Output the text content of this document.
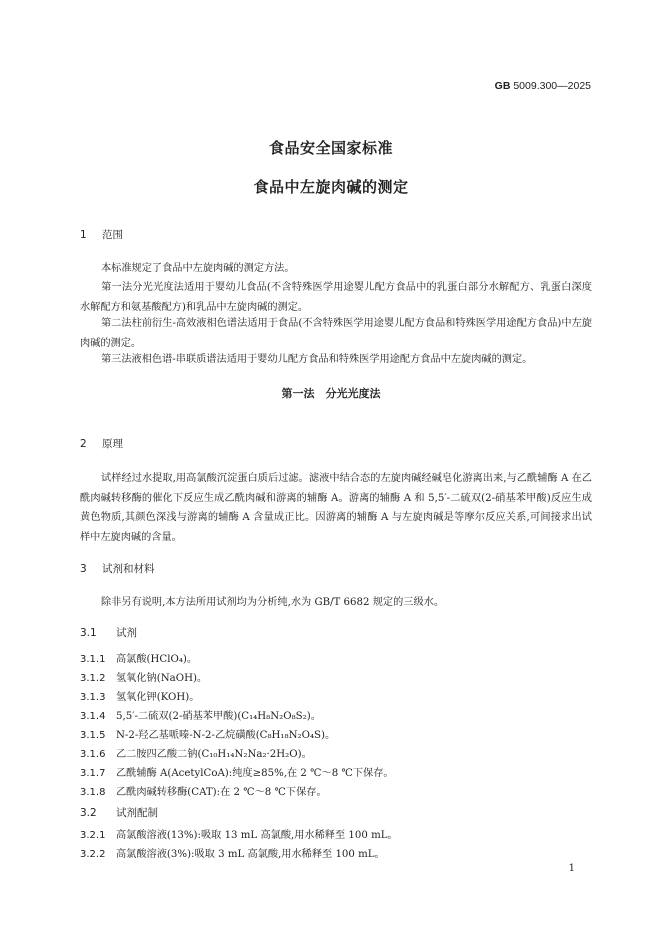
GB 5009.300—2025
食品安全国家标准
食品中左旋肉碱的测定
1 范围
本标准规定了食品中左旋肉碱的测定方法。
第一法分光光度法适用于婴幼儿食品(不含特殊医学用途婴儿配方食品中的乳蛋白部分水解配方、乳蛋白深度水解配方和氨基酸配方)和乳品中左旋肉碱的测定。
第二法柱前衍生-高效液相色谱法适用于食品(不含特殊医学用途婴儿配方食品和特殊医学用途配方食品)中左旋肉碱的测定。
第三法液相色谱-串联质谱法适用于婴幼儿配方食品和特殊医学用途配方食品中左旋肉碱的测定。
第一法　分光光度法
2 原理
试样经过水提取,用高氯酸沉淀蛋白质后过滤。滤液中结合态的左旋肉碱经碱皂化游离出来,与乙酰辅酶 A 在乙酰肉碱转移酶的催化下反应生成乙酰肉碱和游离的辅酶 A。游离的辅酶 A 和 5,5′-二硫双(2-硝基苯甲酸)反应生成黄色物质,其颜色深浅与游离的辅酶 A 含量成正比。因游离的辅酶 A 与左旋肉碱是等摩尔反应关系,可间接求出试样中左旋肉碱的含量。
3 试剂和材料
除非另有说明,本方法所用试剂均为分析纯,水为 GB/T 6682 规定的三级水。
3.1 试剂
3.1.1 高氯酸(HClO₄)。
3.1.2 氢氧化钠(NaOH)。
3.1.3 氢氧化钾(KOH)。
3.1.4 5,5′-二硫双(2-硝基苯甲酸)(C₁₄H₈N₂O₈S₂)。
3.1.5 N-2-羟乙基哌嗪-N-2-乙烷磺酸(C₈H₁₈N₂O₄S)。
3.1.6 乙二胺四乙酸二钠(C₁₀H₁₄N₂Na₂·2H₂O)。
3.1.7 乙酰辅酶 A(AcetylCoA):纯度≥85%,在 2 ℃～8 ℃下保存。
3.1.8 乙酰肉碱转移酶(CAT):在 2 ℃～8 ℃下保存。
3.2 试剂配制
3.2.1 高氯酸溶液(13%):吸取 13 mL 高氯酸,用水稀释至 100 mL。
3.2.2 高氯酸溶液(3%):吸取 3 mL 高氯酸,用水稀释至 100 mL。
1
